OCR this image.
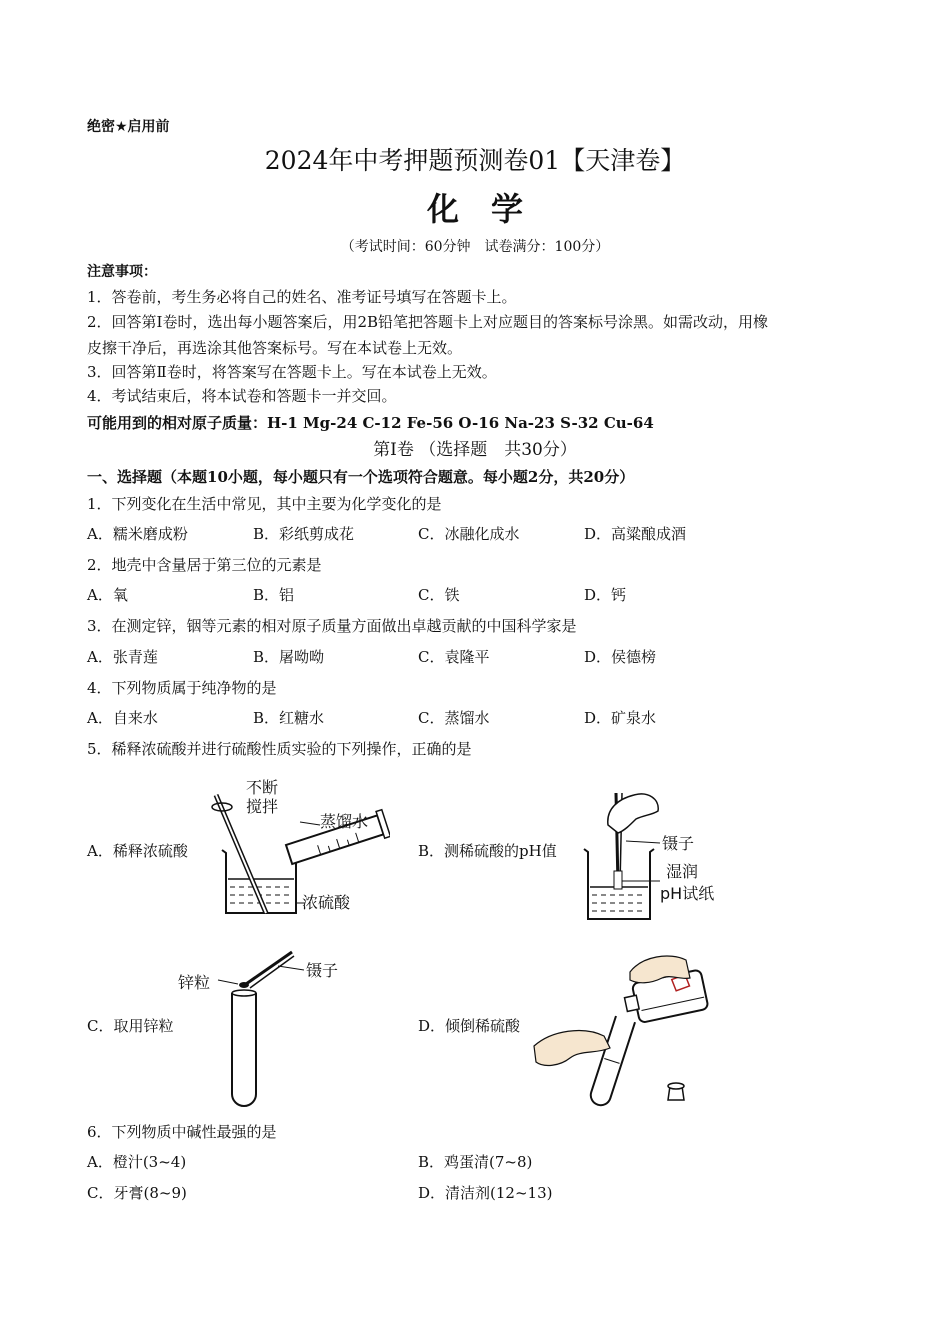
绝密★启用前
2024年中考押题预测卷01【天津卷】
化　学
（考试时间：60分钟　试卷满分：100分）
注意事项：
1．答卷前，考生务必将自己的姓名、准考证号填写在答题卡上。
2．回答第Ⅰ卷时，选出每小题答案后，用2B铅笔把答题卡上对应题目的答案标号涂黑。如需改动，用橡
皮擦干净后，再选涂其他答案标号。写在本试卷上无效。
3．回答第Ⅱ卷时，将答案写在答题卡上。写在本试卷上无效。
4．考试结束后，将本试卷和答题卡一并交回。
可能用到的相对原子质量：H-1 Mg-24 C-12 Fe-56 O-16 Na-23 S-32 Cu-64
第Ⅰ卷 （选择题　共30分）
一、选择题（本题10小题，每小题只有一个选项符合题意。每小题2分，共20分）
1．下列变化在生活中常见，其中主要为化学变化的是
A．糯米磨成粉	B．彩纸剪成花	C．冰融化成水	D．高粱酿成酒
2．地壳中含量居于第三位的元素是
A．氧	B．铝	C．铁	D．钙
3．在测定锌，铟等元素的相对原子质量方面做出卓越贡献的中国科学家是
A．张青莲	B．屠呦呦	C．袁隆平	D．侯德榜
4．下列物质属于纯净物的是
A．自来水	B．红糖水	C．蒸馏水	D．矿泉水
5．稀释浓硫酸并进行硫酸性质实验的下列操作，正确的是
A．稀释浓硫酸	B．测稀硫酸的pH值
C．取用锌粒	D．倾倒稀硫酸
不断
搅拌
蒸馏水
浓硫酸
镊子
湿润
pH试纸
锌粒
镊子
6．下列物质中碱性最强的是
A．橙汁(3~4)	B．鸡蛋清(7~8)
C．牙膏(8~9)	D．清洁剂(12~13)
